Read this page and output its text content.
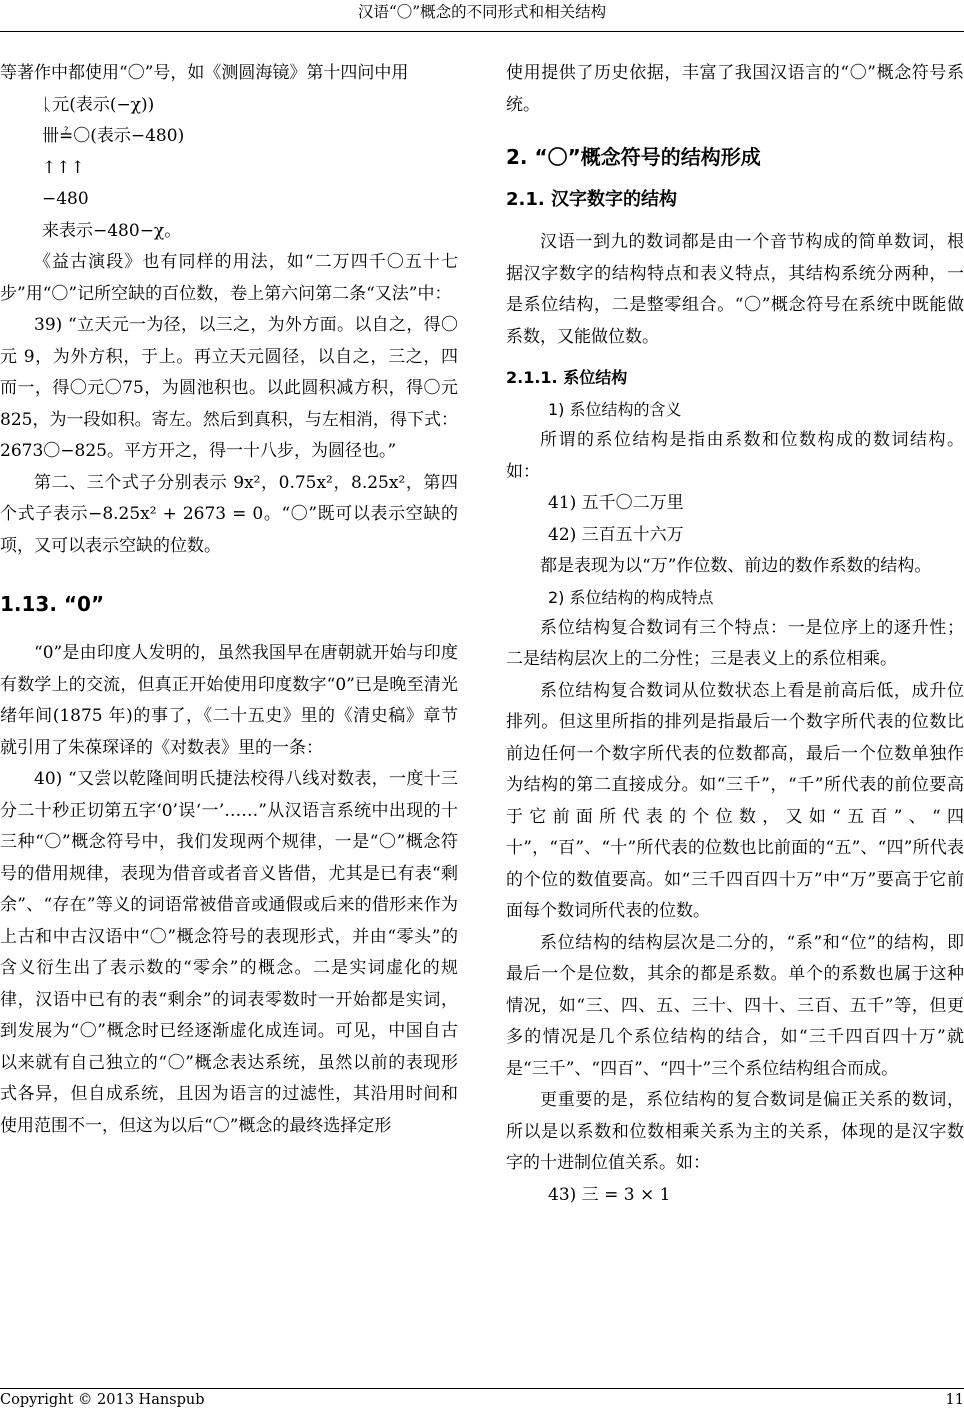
汉语“〇”概念的不同形式和相关结构

等著作中都使用“〇”号，如《测圆海镜》第十四问中用

ᚳ元(表示(−χ))

卌≟〇(表示−480)

↑↑↑

−480

来表示−480−χ。

《益古演段》也有同样的用法，如“二万四千〇五十七步”用“〇”记所空缺的百位数，卷上第六问第二条“又法”中：

39) “立天元一为径，以三之，为外方面。以自之，得〇元 9，为外方积，于上。再立天元圆径，以自之，三之，四而一，得〇元〇75，为圆池积也。以此圆积减方积，得〇元 825，为一段如积。寄左。然后到真积，与左相消，得下式：2673〇−825。平方开之，得一十八步，为圆径也。”

第二、三个式子分别表示 9x²，0.75x²，8.25x²，第四个式子表示−8.25x² + 2673 = 0。“〇”既可以表示空缺的项，又可以表示空缺的位数。

1.13. “0”

“0”是由印度人发明的，虽然我国早在唐朝就开始与印度有数学上的交流，但真正开始使用印度数字“0”已是晚至清光绪年间(1875 年)的事了，《二十五史》里的《清史稿》章节就引用了朱葆琛译的《对数表》里的一条：

40) “又尝以乾隆间明氏捷法校得八线对数表，一度十三分二十秒正切第五字‘0’误‘一’……”从汉语言系统中出现的十三种“〇”概念符号中，我们发现两个规律，一是“〇”概念符号的借用规律，表现为借音或者音义皆借，尤其是已有表“剩余”、“存在”等义的词语常被借音或通假或后来的借形来作为上古和中古汉语中“〇”概念符号的表现形式，并由“零头”的含义衍生出了表示数的“零余”的概念。二是实词虚化的规律，汉语中已有的表“剩余”的词表零数时一开始都是实词，到发展为“〇”概念时已经逐渐虚化成连词。可见，中国自古以来就有自己独立的“〇”概念表达系统，虽然以前的表现形式各异，但自成系统，且因为语言的过滤性，其沿用时间和使用范围不一，但这为以后“〇”概念的最终选择定形

使用提供了历史依据，丰富了我国汉语言的“〇”概念符号系统。

2. “〇”概念符号的结构形成
2.1. 汉字数字的结构

汉语一到九的数词都是由一个音节构成的简单数词，根据汉字数字的结构特点和表义特点，其结构系统分两种，一是系位结构，二是整零组合。“〇”概念符号在系统中既能做系数，又能做位数。

2.1.1. 系位结构
1) 系位结构的含义

所谓的系位结构是指由系数和位数构成的数词结构。如：

41) 五千〇二万里

42) 三百五十六万

都是表现为以“万”作位数、前边的数作系数的结构。

2) 系位结构的构成特点

系位结构复合数词有三个特点：一是位序上的逐升性；二是结构层次上的二分性；三是表义上的系位相乘。

系位结构复合数词从位数状态上看是前高后低，成升位排列。但这里所指的排列是指最后一个数字所代表的位数比前边任何一个数字所代表的位数都高，最后一个位数单独作为结构的第二直接成分。如“三千”，“千”所代表的前位要高于它前面所代表的个位数，又如“五百”、“四十”，“百”、“十”所代表的位数也比前面的“五”、“四”所代表的个位的数值要高。如“三千四百四十万”中“万”要高于它前面每个数词所代表的位数。

系位结构的结构层次是二分的，“系”和“位”的结构，即最后一个是位数，其余的都是系数。单个的系数也属于这种情况，如“三、四、五、三十、四十、三百、五千”等，但更多的情况是几个系位结构的结合，如“三千四百四十万”就是“三千”、“四百”、“四十”三个系位结构组合而成。

更重要的是，系位结构的复合数词是偏正关系的数词，所以是以系数和位数相乘关系为主的关系，体现的是汉字数字的十进制位值关系。如：

43) 三 = 3 × 1

Copyright © 2013 Hanspub	11
